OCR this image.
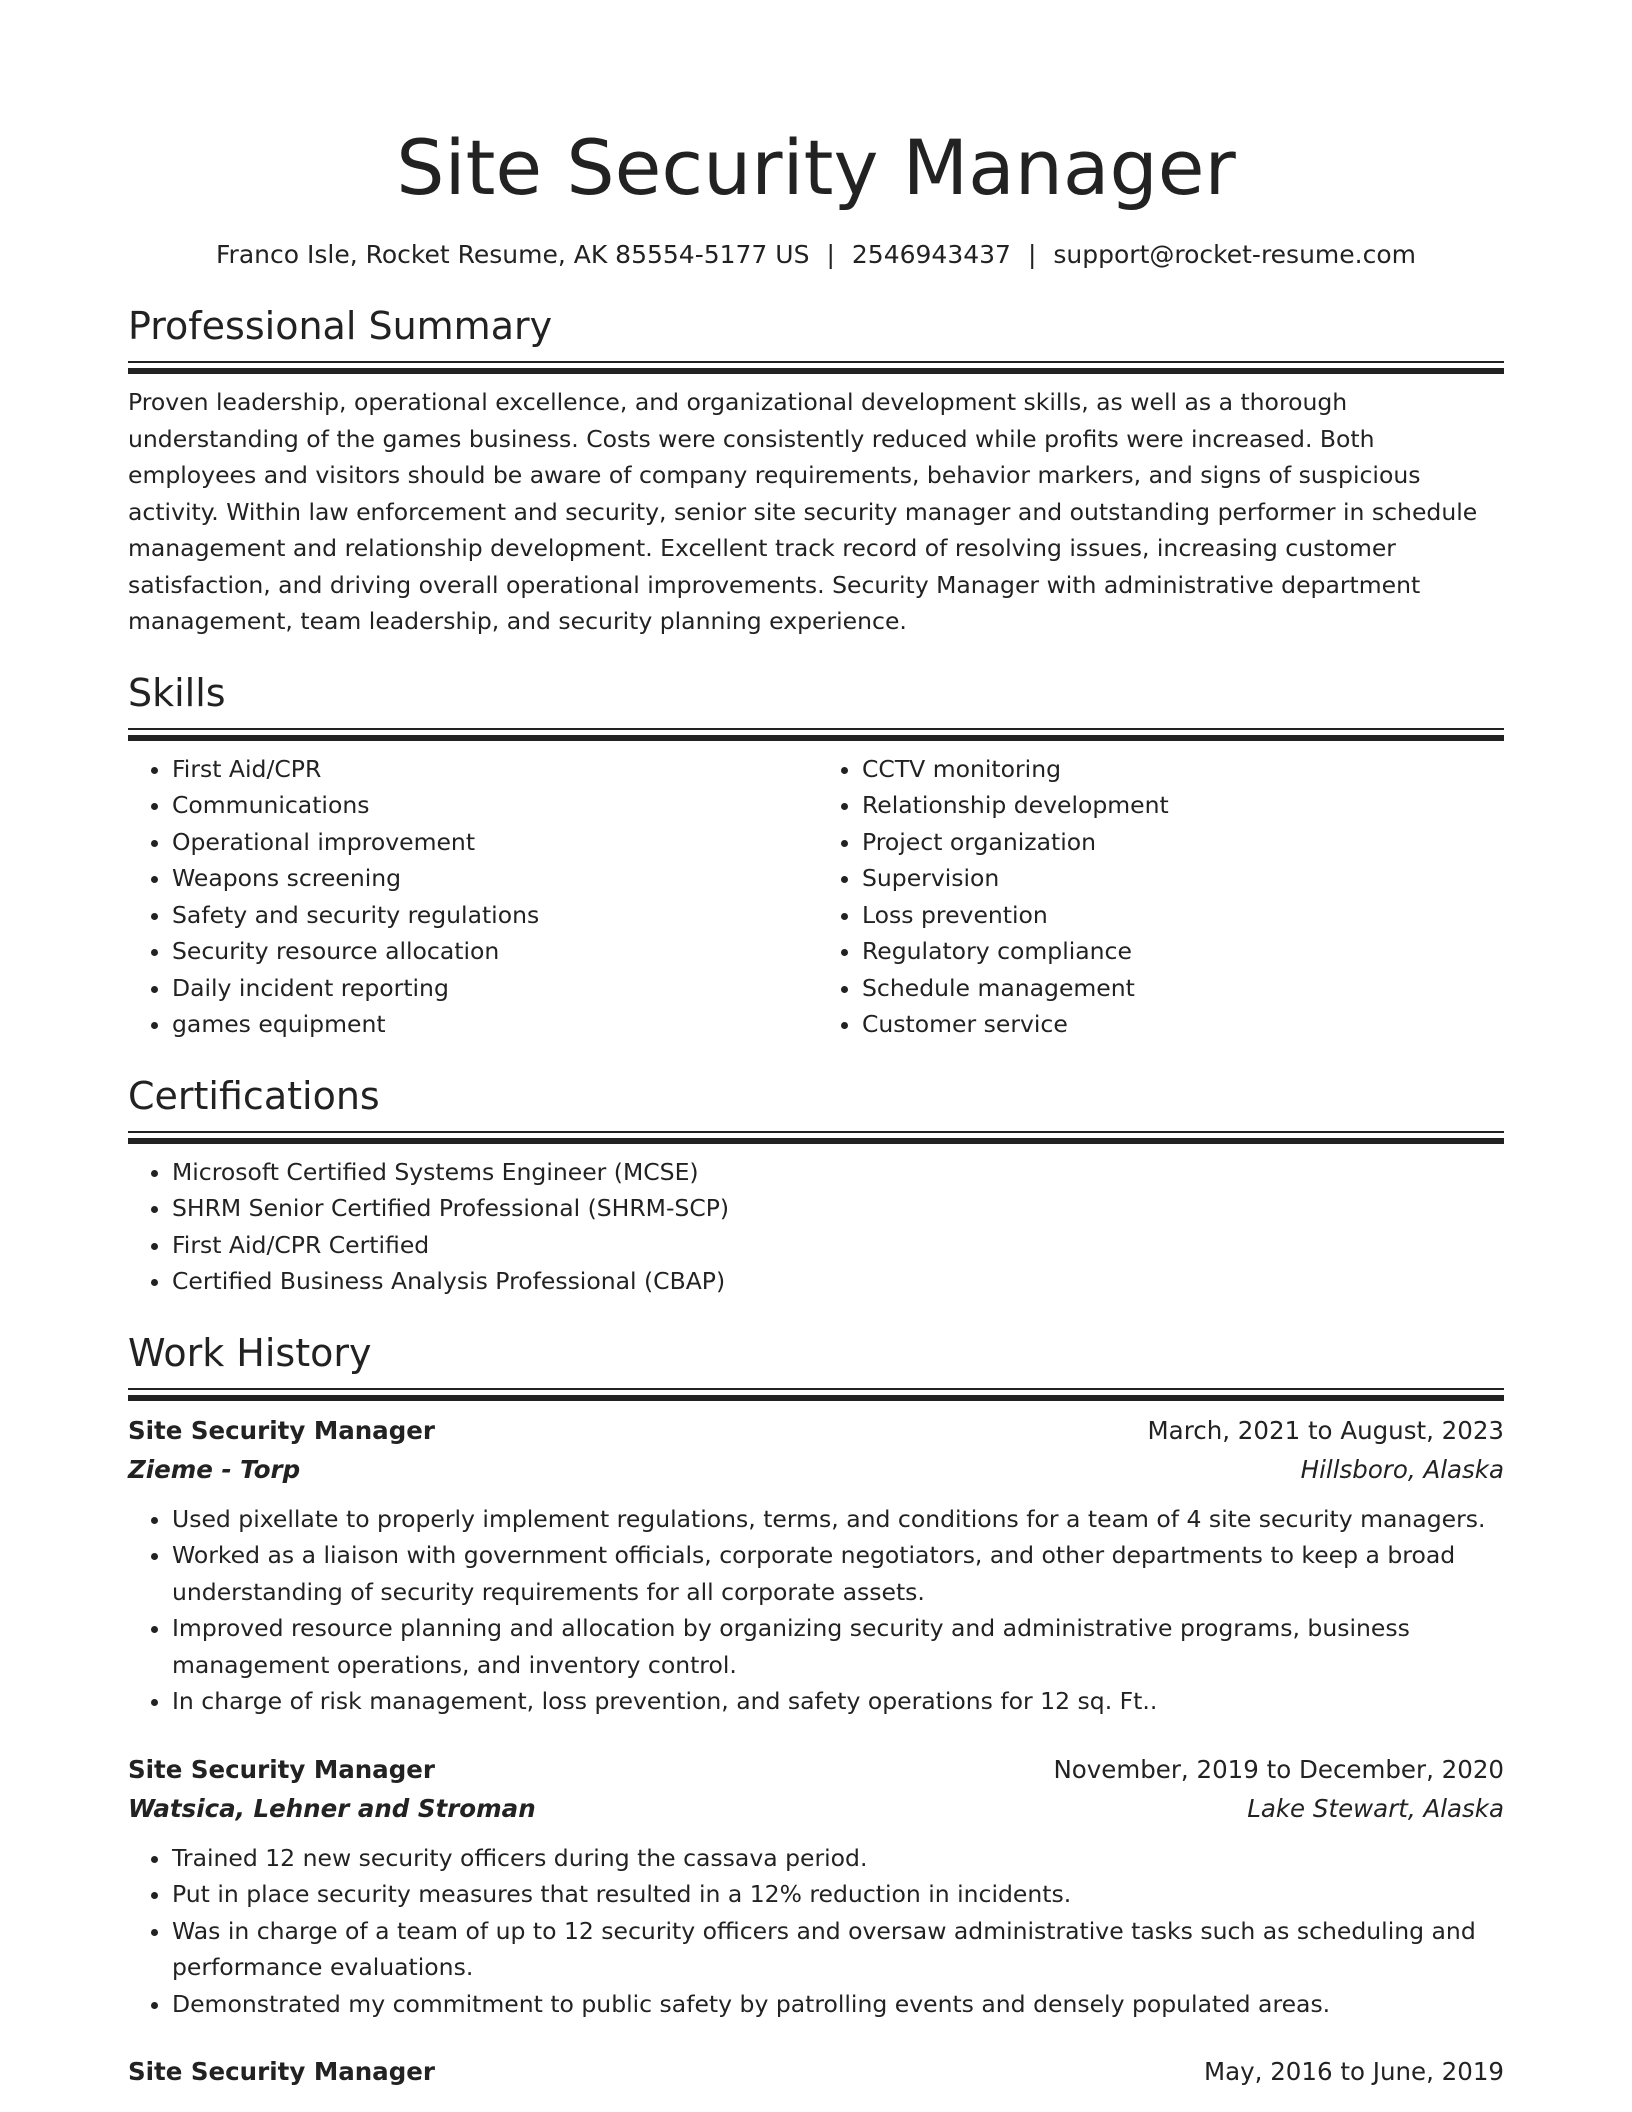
Site Security Manager
Franco Isle, Rocket Resume, AK 85554-5177 US | 2546943437 | support@rocket-resume.com
Professional Summary

Proven leadership, operational excellence, and organizational development skills, as well as a thorough understanding of the games business. Costs were consistently reduced while profits were increased. Both employees and visitors should be aware of company requirements, behavior markers, and signs of suspicious activity. Within law enforcement and security, senior site security manager and outstanding performer in schedule management and relationship development. Excellent track record of resolving issues, increasing customer satisfaction, and driving overall operational improvements. Security Manager with administrative department management, team leadership, and security planning experience.

Skills
• First Aid/CPR
• Communications
• Operational improvement
• Weapons screening
• Safety and security regulations
• Security resource allocation
• Daily incident reporting
• games equipment
• CCTV monitoring
• Relationship development
• Project organization
• Supervision
• Loss prevention
• Regulatory compliance
• Schedule management
• Customer service
Certifications
• Microsoft Certified Systems Engineer (MCSE)
• SHRM Senior Certified Professional (SHRM-SCP)
• First Aid/CPR Certified
• Certified Business Analysis Professional (CBAP)
Work History
Site Security Manager	March, 2021 to August, 2023
Zieme - Torp	Hillsboro, Alaska
• Used pixellate to properly implement regulations, terms, and conditions for a team of 4 site security managers.
• Worked as a liaison with government officials, corporate negotiators, and other departments to keep a broad understanding of security requirements for all corporate assets.
• Improved resource planning and allocation by organizing security and administrative programs, business management operations, and inventory control.
• In charge of risk management, loss prevention, and safety operations for 12 sq. Ft..
Site Security Manager	November, 2019 to December, 2020
Watsica, Lehner and Stroman	Lake Stewart, Alaska
• Trained 12 new security officers during the cassava period.
• Put in place security measures that resulted in a 12% reduction in incidents.
• Was in charge of a team of up to 12 security officers and oversaw administrative tasks such as scheduling and performance evaluations.
• Demonstrated my commitment to public safety by patrolling events and densely populated areas.
Site Security Manager	May, 2016 to June, 2019
